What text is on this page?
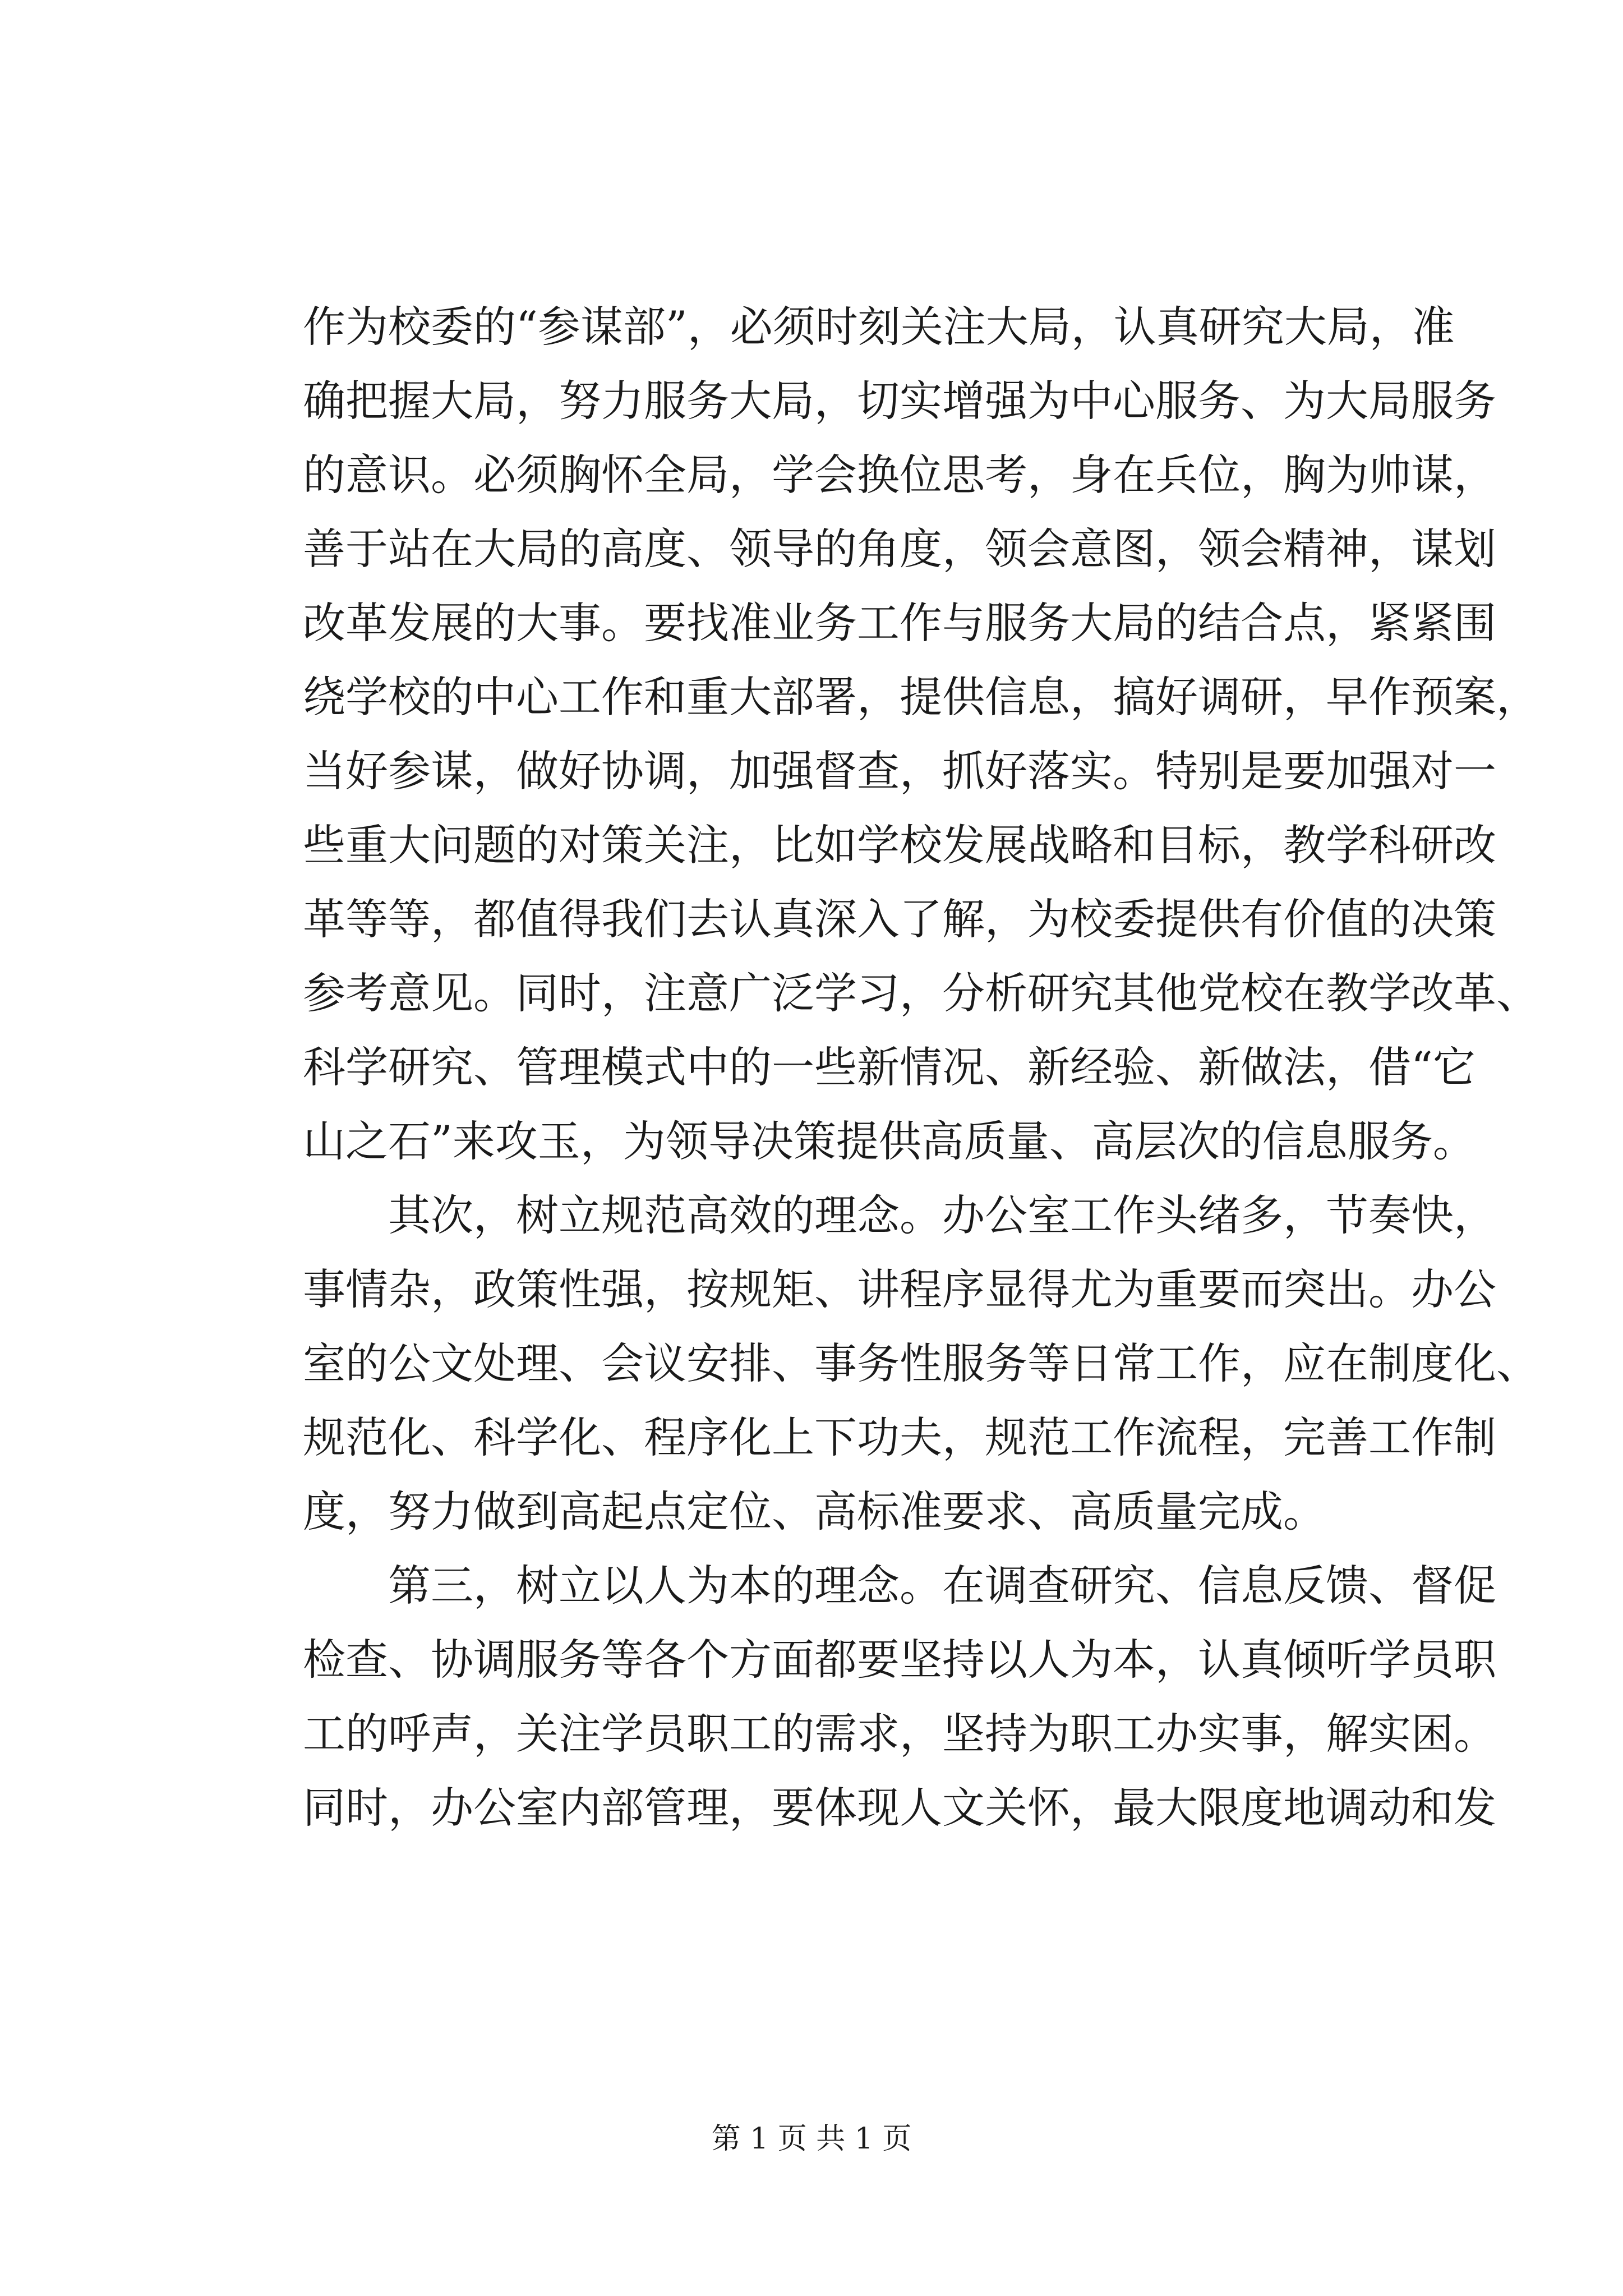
作为校委的“参谋部”，必须时刻关注大局，认真研究大局，准
确把握大局，努力服务大局，切实增强为中心服务、为大局服务
的意识。必须胸怀全局，学会换位思考，身在兵位，胸为帅谋，
善于站在大局的高度、领导的角度，领会意图，领会精神，谋划
改革发展的大事。要找准业务工作与服务大局的结合点，紧紧围
绕学校的中心工作和重大部署，提供信息，搞好调研，早作预案，
当好参谋，做好协调，加强督查，抓好落实。特别是要加强对一
些重大问题的对策关注，比如学校发展战略和目标，教学科研改
革等等，都值得我们去认真深入了解，为校委提供有价值的决策
参考意见。同时，注意广泛学习，分析研究其他党校在教学改革、
科学研究、管理模式中的一些新情况、新经验、新做法，借“它
山之石”来攻玉，为领导决策提供高质量、高层次的信息服务。
　　其次，树立规范高效的理念。办公室工作头绪多，节奏快，
事情杂，政策性强，按规矩、讲程序显得尤为重要而突出。办公
室的公文处理、会议安排、事务性服务等日常工作，应在制度化、
规范化、科学化、程序化上下功夫，规范工作流程，完善工作制
度，努力做到高起点定位、高标准要求、高质量完成。
　　第三，树立以人为本的理念。在调查研究、信息反馈、督促
检查、协调服务等各个方面都要坚持以人为本，认真倾听学员职
工的呼声，关注学员职工的需求，坚持为职工办实事，解实困。
同时，办公室内部管理，要体现人文关怀，最大限度地调动和发
第 1 页 共 1 页
